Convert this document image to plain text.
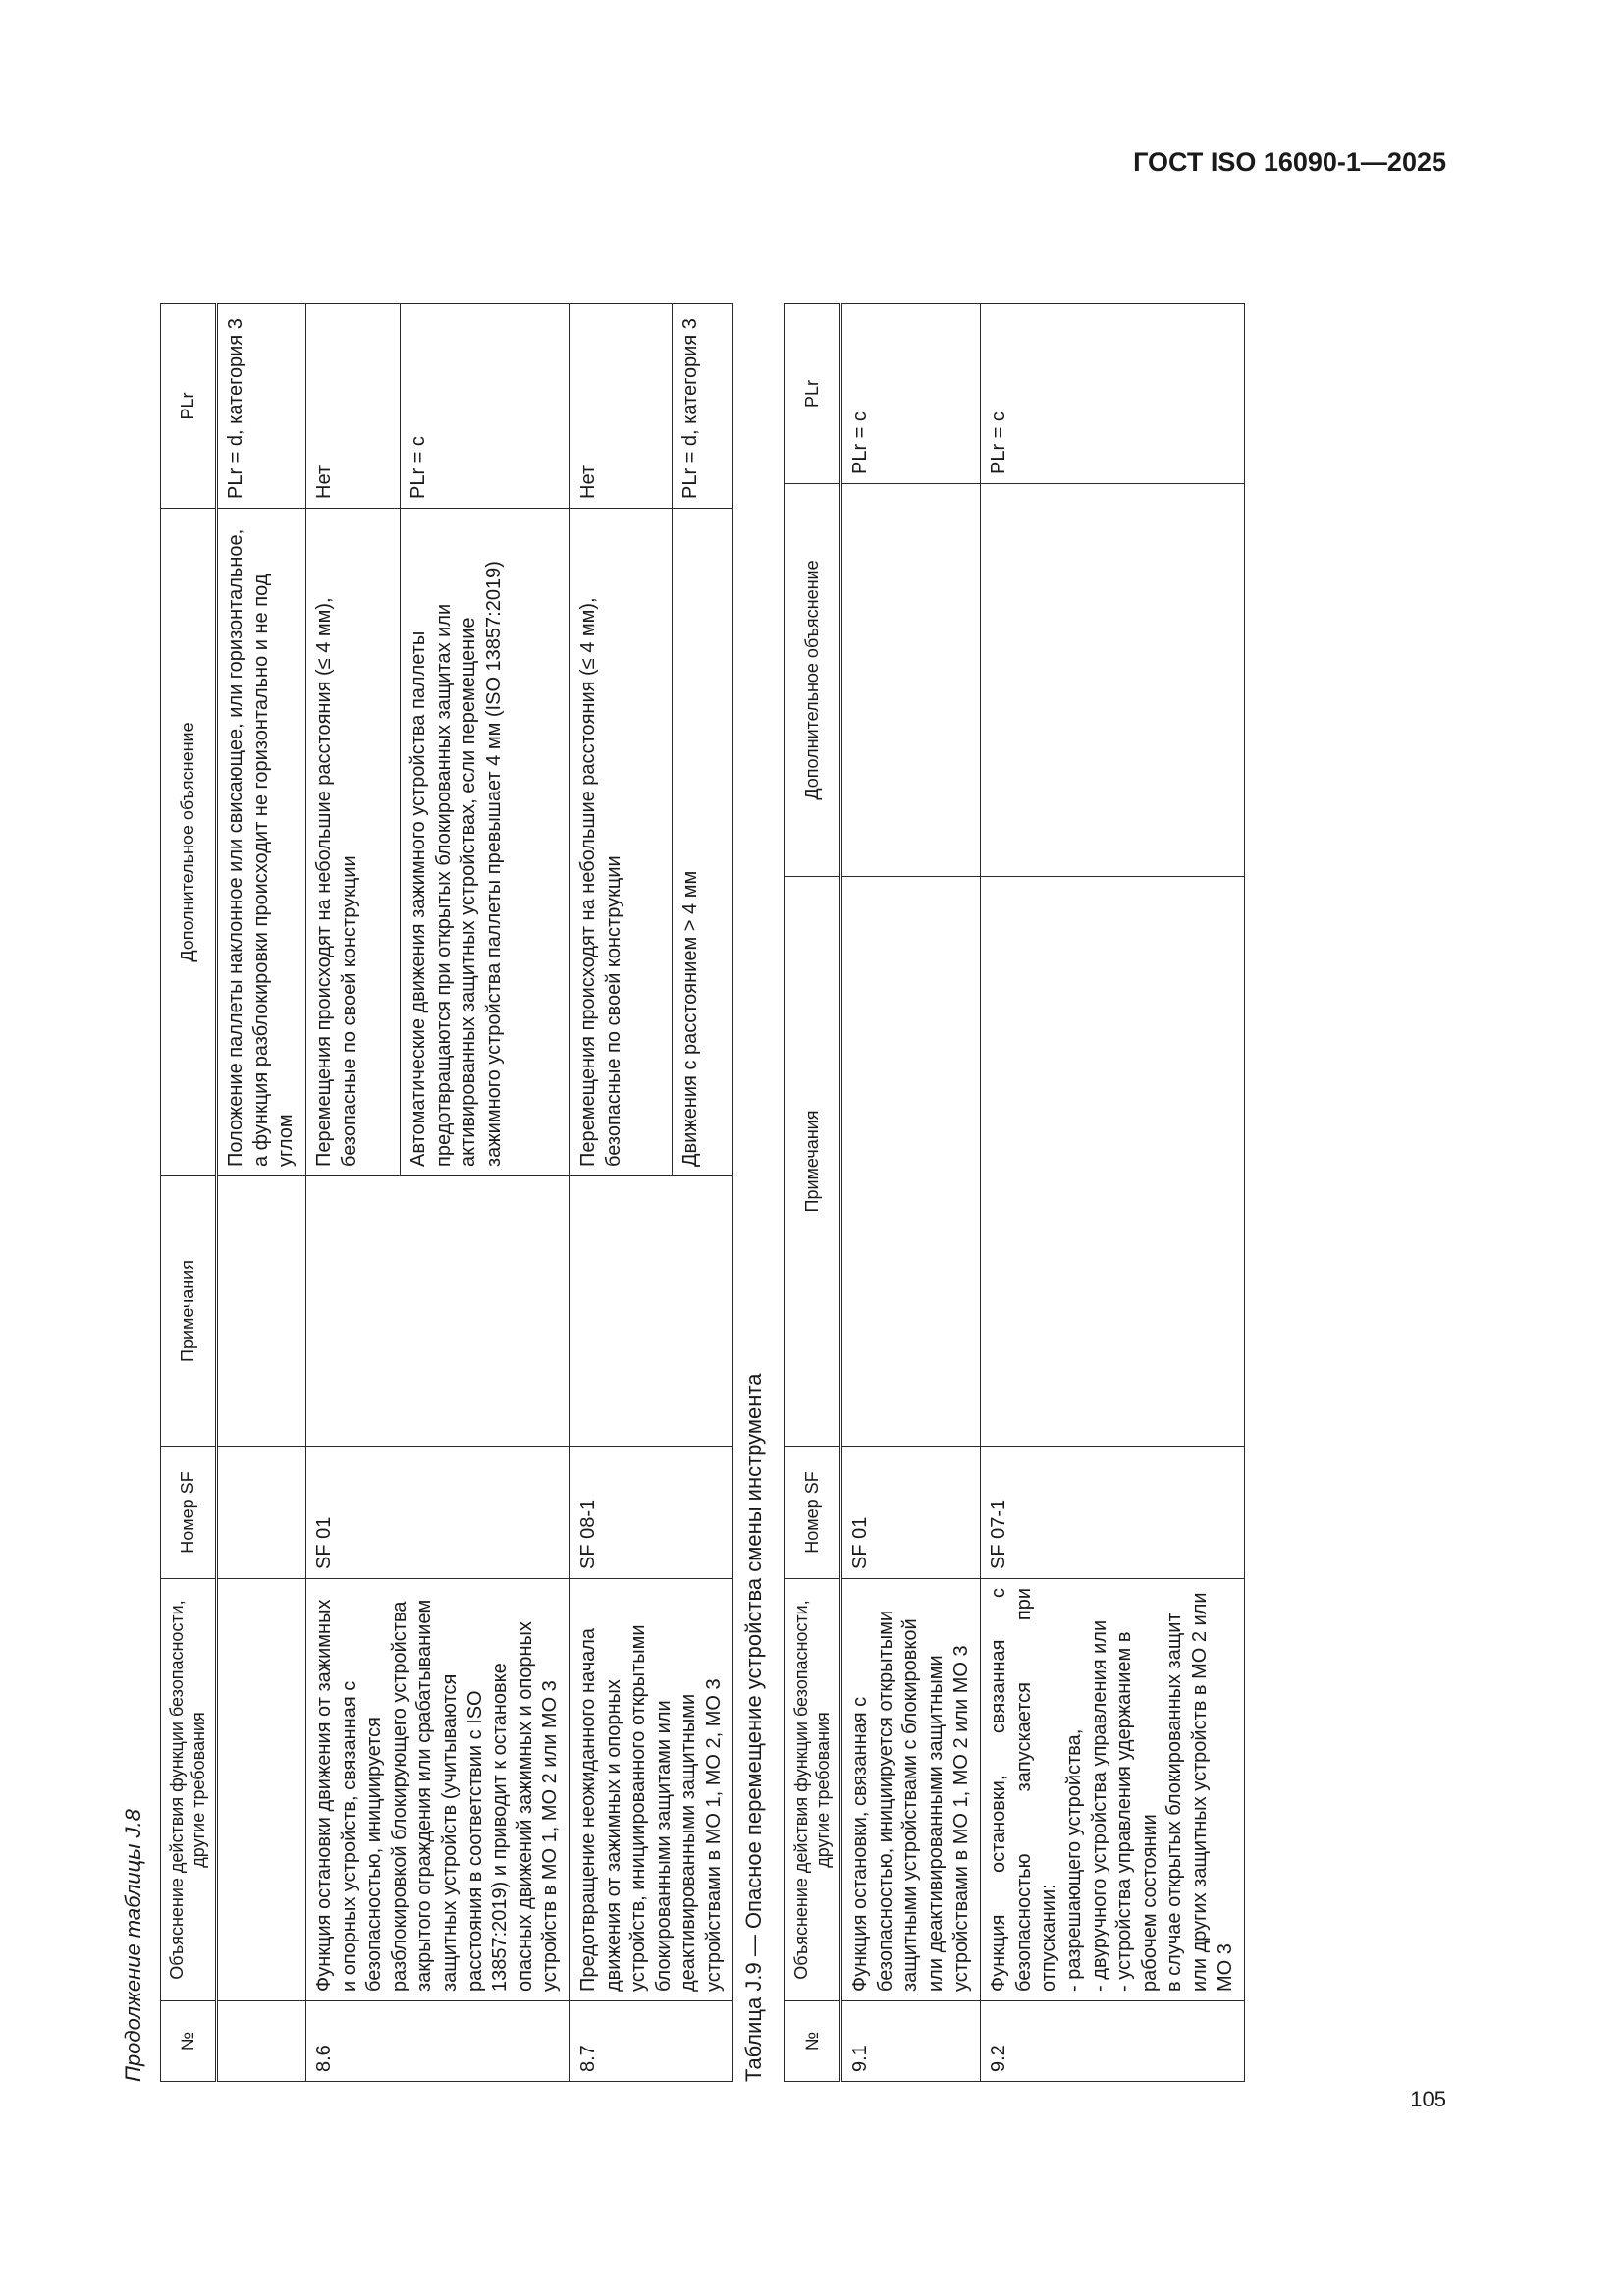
ГОСТ ISO 16090-1—2025
105
Продолжение таблицы J.8 №	Объяснение действия функции безопасности, другие требования	Номер SF	Примечания	Дополнительное объяснение	PLr
				Положение паллеты наклонное или свисающее, или горизонтальное, а функция разблокировки происходит не горизонтально и не под углом	PLr = d, категория 3
8.6	Функция остановки движения от зажимных и опорных устройств, связанная с безопасностью, инициируется разблокировкой блокирующего устройства закрытого ограждения или срабатыванием защитных устройств (учитываются расстояния в соответствии с ISO 13857:2019) и приводит к остановке опасных движений зажимных и опорных устройств в МО 1, МО 2 или МО 3	SF 01		Перемещения происходят на небольшие расстояния (≤ 4 мм), безопасные по своей конструкции	Нет
				Автоматические движения зажимного устройства паллеты предотвращаются при открытых блокированных защитах или активированных защитных устройствах, если перемещение зажимного устройства паллеты превышает 4 мм (ISO 13857:2019)	PLr = c
8.7	Предотвращение неожиданного начала движения от зажимных и опорных устройств, инициированного открытыми блокированными защитами или деактивированными защитными устройствами в МО 1, МО 2, МО 3	SF 08-1		Перемещения происходят на небольшие расстояния (≤ 4 мм), безопасные по своей конструкции	Нет
				Движения с расстоянием > 4 мм	PLr = d, категория 3
Таблица J.9 — Опасное перемещение устройства смены инструмента №	Объяснение действия функции безопасности, другие требования	Номер SF	Примечания	Дополнительное объяснение	PLr
9.1	Функция остановки, связанная с безопасностью, инициируется открытыми защитными устройствами с блокировкой или деактивированными защитными устройствами в МО 1, МО 2 или МО 3	SF 01			PLr = c
9.2	Функция остановки, связанная с безопасностью запускается при отпускании: - разрешающего устройства, - двуручного устройства управления или - устройства управления удержанием в рабочем состоянии в случае открытых блокированных защит или других защитных устройств в МО 2 или МО 3	SF 07-1			PLr = c
